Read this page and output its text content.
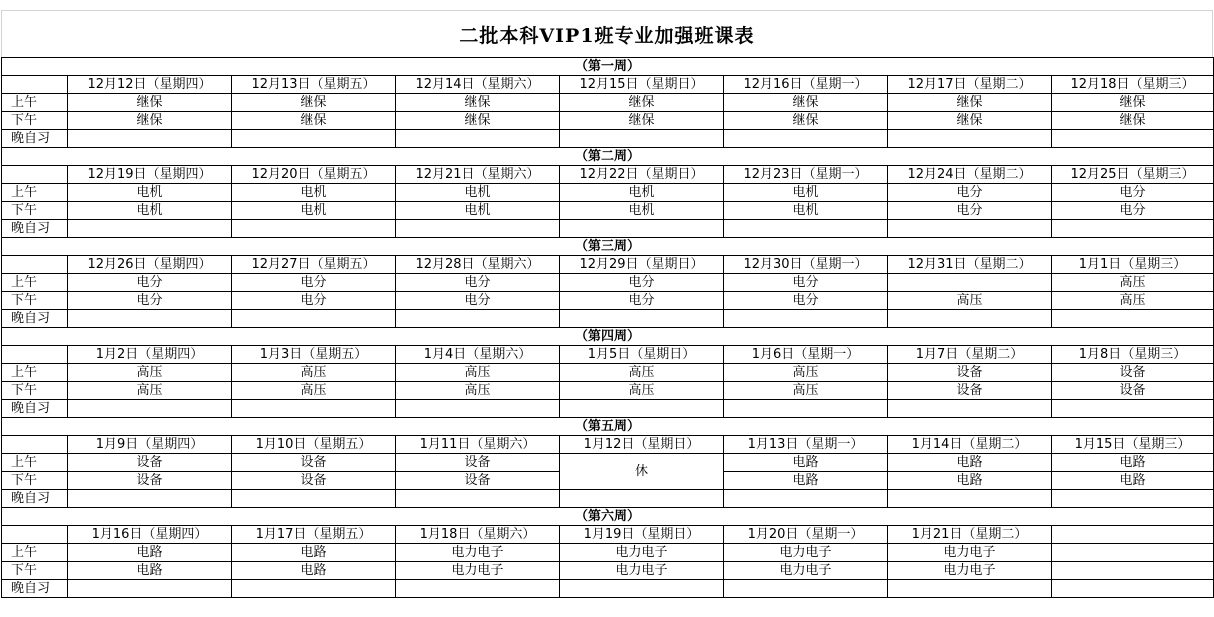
二批本科VIP1班专业加强班课表
（第一周）							
	12月12日（星期四）	12月13日（星期五）	12月14日（星期六）	12月15日（星期日）	12月16日（星期一）	12月17日（星期二）	12月18日（星期三）
上午	继保	继保	继保	继保	继保	继保	继保
下午	继保	继保	继保	继保	继保	继保	继保
晚自习							
（第二周）							
	12月19日（星期四）	12月20日（星期五）	12月21日（星期六）	12月22日（星期日）	12月23日（星期一）	12月24日（星期二）	12月25日（星期三）
上午	电机	电机	电机	电机	电机	电分	电分
下午	电机	电机	电机	电机	电机	电分	电分
晚自习							
（第三周）							
	12月26日（星期四）	12月27日（星期五）	12月28日（星期六）	12月29日（星期日）	12月30日（星期一）	12月31日（星期二）	1月1日（星期三）
上午	电分	电分	电分	电分	电分		高压
下午	电分	电分	电分	电分	电分	高压	高压
晚自习							
（第四周）							
	1月2日（星期四）	1月3日（星期五）	1月4日（星期六）	1月5日（星期日）	1月6日（星期一）	1月7日（星期二）	1月8日（星期三）
上午	高压	高压	高压	高压	高压	设备	设备
下午	高压	高压	高压	高压	高压	设备	设备
晚自习							
（第五周）							
	1月9日（星期四）	1月10日（星期五）	1月11日（星期六）	1月12日（星期日）	1月13日（星期一）	1月14日（星期二）	1月15日（星期三）
上午	设备	设备	设备	休	电路	电路	电路
下午	设备	设备	设备		电路	电路	电路
晚自习							
（第六周）							
	1月16日（星期四）	1月17日（星期五）	1月18日（星期六）	1月19日（星期日）	1月20日（星期一）	1月21日（星期二）	
上午	电路	电路	电力电子	电力电子	电力电子	电力电子	
下午	电路	电路	电力电子	电力电子	电力电子	电力电子	
晚自习							
